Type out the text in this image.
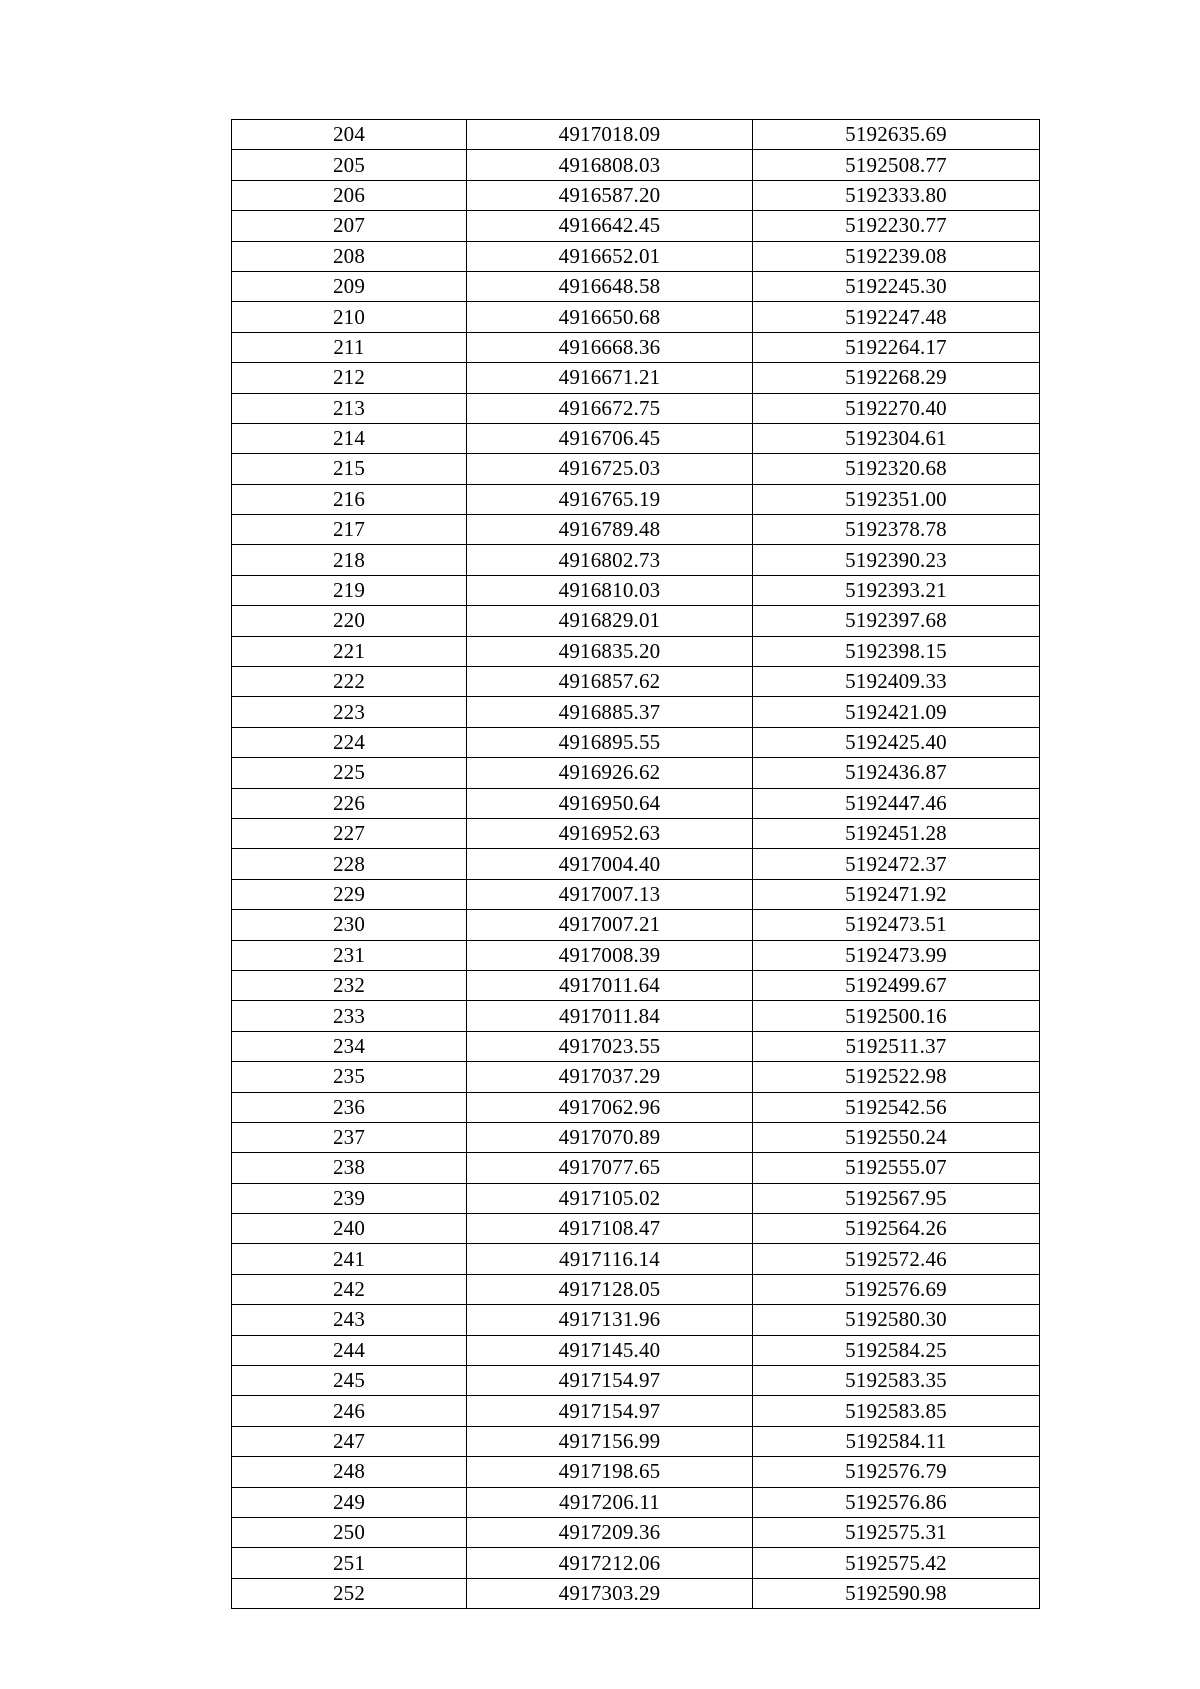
204	4917018.09	5192635.69
205	4916808.03	5192508.77
206	4916587.20	5192333.80
207	4916642.45	5192230.77
208	4916652.01	5192239.08
209	4916648.58	5192245.30
210	4916650.68	5192247.48
211	4916668.36	5192264.17
212	4916671.21	5192268.29
213	4916672.75	5192270.40
214	4916706.45	5192304.61
215	4916725.03	5192320.68
216	4916765.19	5192351.00
217	4916789.48	5192378.78
218	4916802.73	5192390.23
219	4916810.03	5192393.21
220	4916829.01	5192397.68
221	4916835.20	5192398.15
222	4916857.62	5192409.33
223	4916885.37	5192421.09
224	4916895.55	5192425.40
225	4916926.62	5192436.87
226	4916950.64	5192447.46
227	4916952.63	5192451.28
228	4917004.40	5192472.37
229	4917007.13	5192471.92
230	4917007.21	5192473.51
231	4917008.39	5192473.99
232	4917011.64	5192499.67
233	4917011.84	5192500.16
234	4917023.55	5192511.37
235	4917037.29	5192522.98
236	4917062.96	5192542.56
237	4917070.89	5192550.24
238	4917077.65	5192555.07
239	4917105.02	5192567.95
240	4917108.47	5192564.26
241	4917116.14	5192572.46
242	4917128.05	5192576.69
243	4917131.96	5192580.30
244	4917145.40	5192584.25
245	4917154.97	5192583.35
246	4917154.97	5192583.85
247	4917156.99	5192584.11
248	4917198.65	5192576.79
249	4917206.11	5192576.86
250	4917209.36	5192575.31
251	4917212.06	5192575.42
252	4917303.29	5192590.98
